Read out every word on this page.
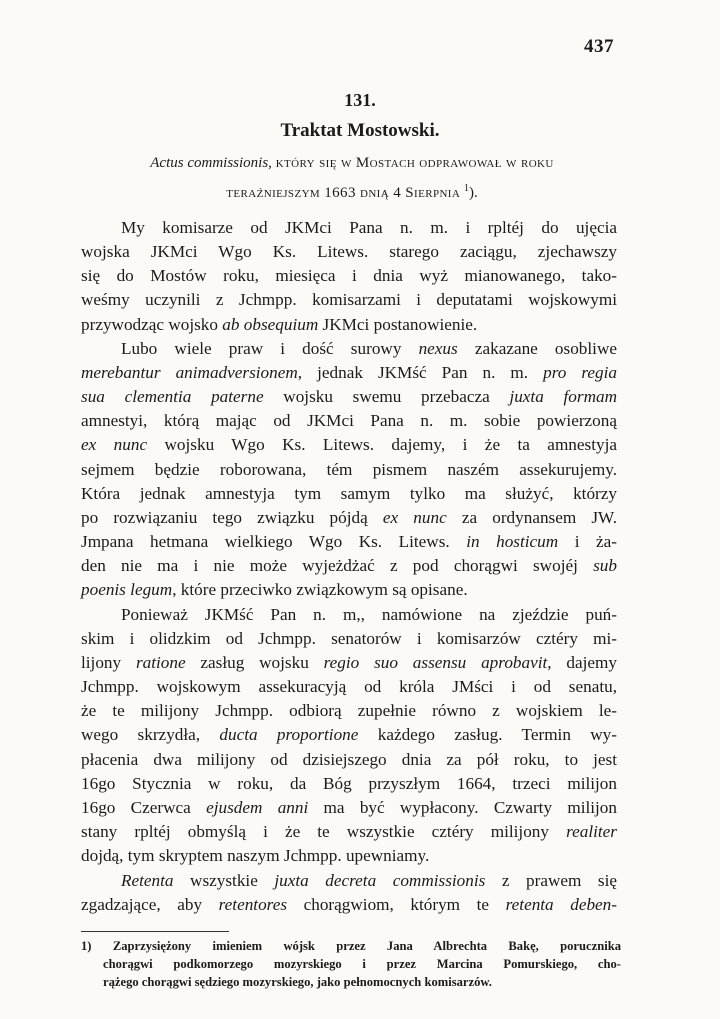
437
131.
Traktat Mostowski.
Actus commissionis, który się w Mostach odprawował w roku
teraźniejszym 1663 dnią 4 Sierpnia $^1$).
My komisarze od JKMci Pana n. m. i rpltéj do ujęcia
wojska JKMci Wgo Ks. Litews. starego zaciągu, zjechawszy
się do Mostów roku, miesięca i dnia wyż mianowanego, tako-
weśmy uczynili z Jchmpp. komisarzami i deputatami wojskowymi
przywodząc wojsko ab obsequium JKMci postanowienie.
Lubo wiele praw i dość surowy nexus zakazane osobliwe
merebantur animadversionem, jednak JKMść Pan n. m. pro regia
sua clementia paterne wojsku swemu przebacza juxta formam
amnestyi, którą mając od JKMci Pana n. m. sobie powierzoną
ex nunc wojsku Wgo Ks. Litews. dajemy, i że ta amnestyja
sejmem będzie roborowana, tém pismem naszém assekurujemy.
Która jednak amnestyja tym samym tylko ma służyć, którzy
po rozwiązaniu tego związku pójdą ex nunc za ordynansem JW.
Jmpana hetmana wielkiego Wgo Ks. Litews. in hosticum i ża-
den nie ma i nie może wyjeżdżać z pod chorągwi swojéj sub
poenis legum, które przeciwko związkowym są opisane.
Ponieważ JKMść Pan n. m,, namówione na zjeździe puń-
skim i olidzkim od Jchmpp. senatorów i komisarzów cztéry mi-
lijony ratione zasług wojsku regio suo assensu aprobavit, dajemy
Jchmpp. wojskowym assekuracyją od króla JMści i od senatu,
że te milijony Jchmpp. odbiorą zupełnie równo z wojskiem le-
wego skrzydła, ducta proportione każdego zasług. Termin wy-
płacenia dwa milijony od dzisiejszego dnia za pół roku, to jest
16go Stycznia w roku, da Bóg przyszłym 1664, trzeci milijon
16go Czerwca ejusdem anni ma być wypłacony. Czwarty milijon
stany rpltéj obmyślą i że te wszystkie cztéry milijony realiter
dojdą, tym skryptem naszym Jchmpp. upewniamy.
Retenta wszystkie juxta decreta commissionis z prawem się
zgadzające, aby retentores chorągwiom, którym te retenta deben-
1) Zaprzysiężony imieniem wójsk przez Jana Albrechta Bakę, porucznika
chorągwi podkomorzego mozyrskiego i przez Marcina Pomurskiego, cho-
rążego chorągwi sędziego mozyrskiego, jako pełnomocnych komisarzów.
